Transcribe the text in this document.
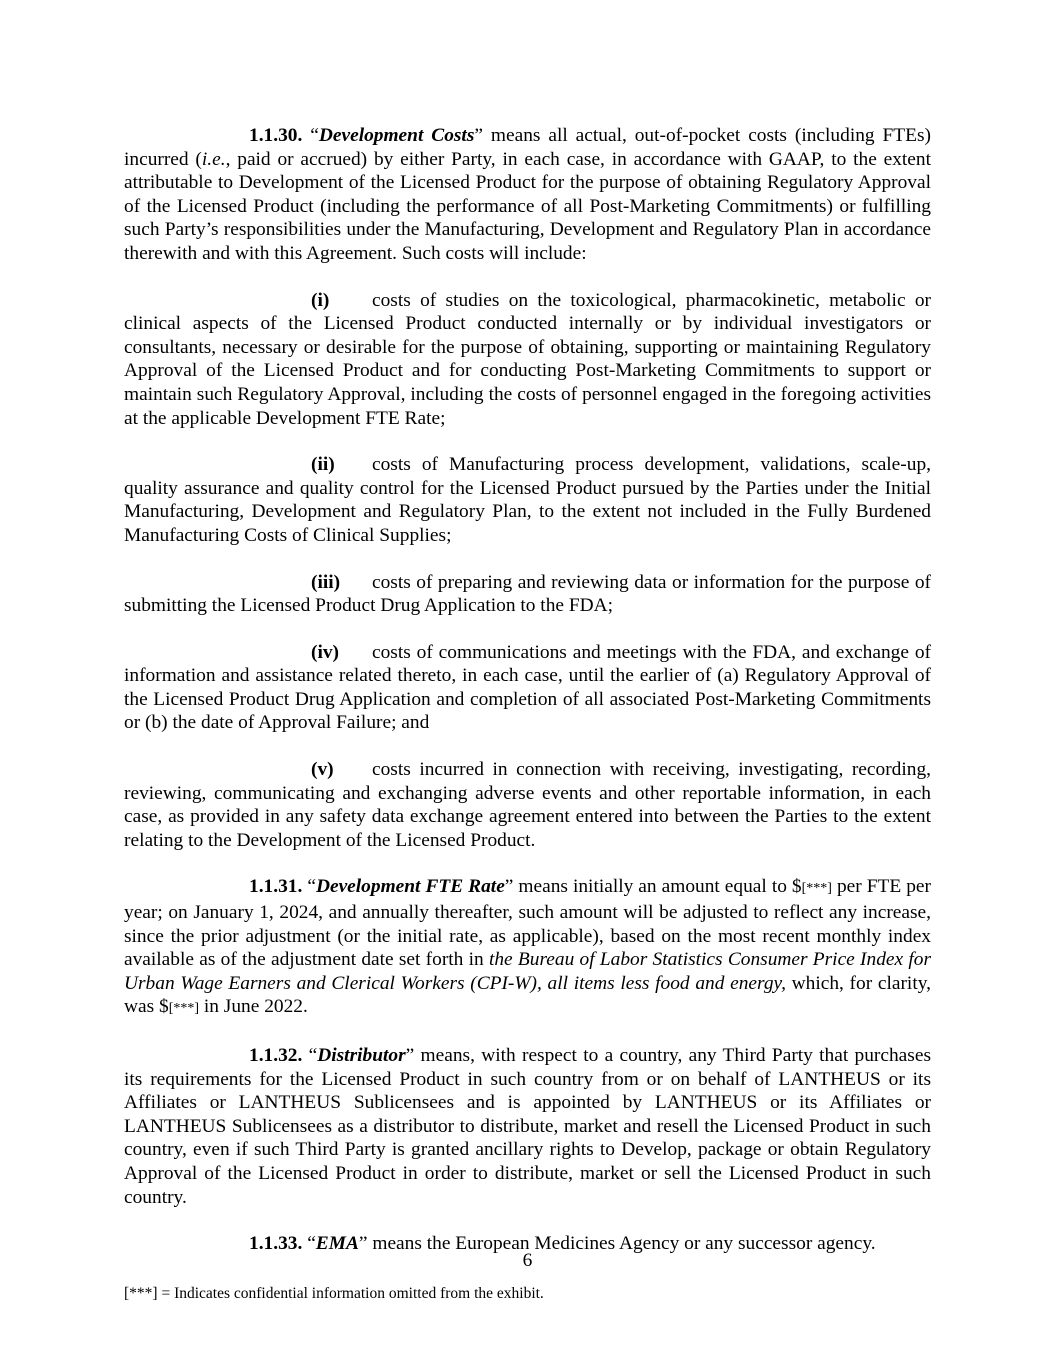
1.1.30. “Development Costs” means all actual, out-of-pocket costs (including FTEs) incurred (i.e., paid or accrued) by either Party, in each case, in accordance with GAAP, to the extent attributable to Development of the Licensed Product for the purpose of obtaining Regulatory Approval of the Licensed Product (including the performance of all Post-Marketing Commitments) or fulfilling such Party’s responsibilities under the Manufacturing, Development and Regulatory Plan in accordance therewith and with this Agreement. Such costs will include:

(i) costs of studies on the toxicological, pharmacokinetic, metabolic or clinical aspects of the Licensed Product conducted internally or by individual investigators or consultants, necessary or desirable for the purpose of obtaining, supporting or maintaining Regulatory Approval of the Licensed Product and for conducting Post-Marketing Commitments to support or maintain such Regulatory Approval, including the costs of personnel engaged in the foregoing activities at the applicable Development FTE Rate;

(ii) costs of Manufacturing process development, validations, scale-up, quality assurance and quality control for the Licensed Product pursued by the Parties under the Initial Manufacturing, Development and Regulatory Plan, to the extent not included in the Fully Burdened Manufacturing Costs of Clinical Supplies;

(iii) costs of preparing and reviewing data or information for the purpose of submitting the Licensed Product Drug Application to the FDA;

(iv) costs of communications and meetings with the FDA, and exchange of information and assistance related thereto, in each case, until the earlier of (a) Regulatory Approval of the Licensed Product Drug Application and completion of all associated Post-Marketing Commitments or (b) the date of Approval Failure; and

(v) costs incurred in connection with receiving, investigating, recording, reviewing, communicating and exchanging adverse events and other reportable information, in each case, as provided in any safety data exchange agreement entered into between the Parties to the extent relating to the Development of the Licensed Product.

1.1.31. “Development FTE Rate” means initially an amount equal to $[***] per FTE per year; on January 1, 2024, and annually thereafter, such amount will be adjusted to reflect any increase, since the prior adjustment (or the initial rate, as applicable), based on the most recent monthly index available as of the adjustment date set forth in the Bureau of Labor Statistics Consumer Price Index for Urban Wage Earners and Clerical Workers (CPI-W), all items less food and energy, which, for clarity, was $[***] in June 2022.

1.1.32. “Distributor” means, with respect to a country, any Third Party that purchases its requirements for the Licensed Product in such country from or on behalf of LANTHEUS or its Affiliates or LANTHEUS Sublicensees and is appointed by LANTHEUS or its Affiliates or LANTHEUS Sublicensees as a distributor to distribute, market and resell the Licensed Product in such country, even if such Third Party is granted ancillary rights to Develop, package or obtain Regulatory Approval of the Licensed Product in order to distribute, market or sell the Licensed Product in such country.

1.1.33. “EMA” means the European Medicines Agency or any successor agency.

6
[***] = Indicates confidential information omitted from the exhibit.
